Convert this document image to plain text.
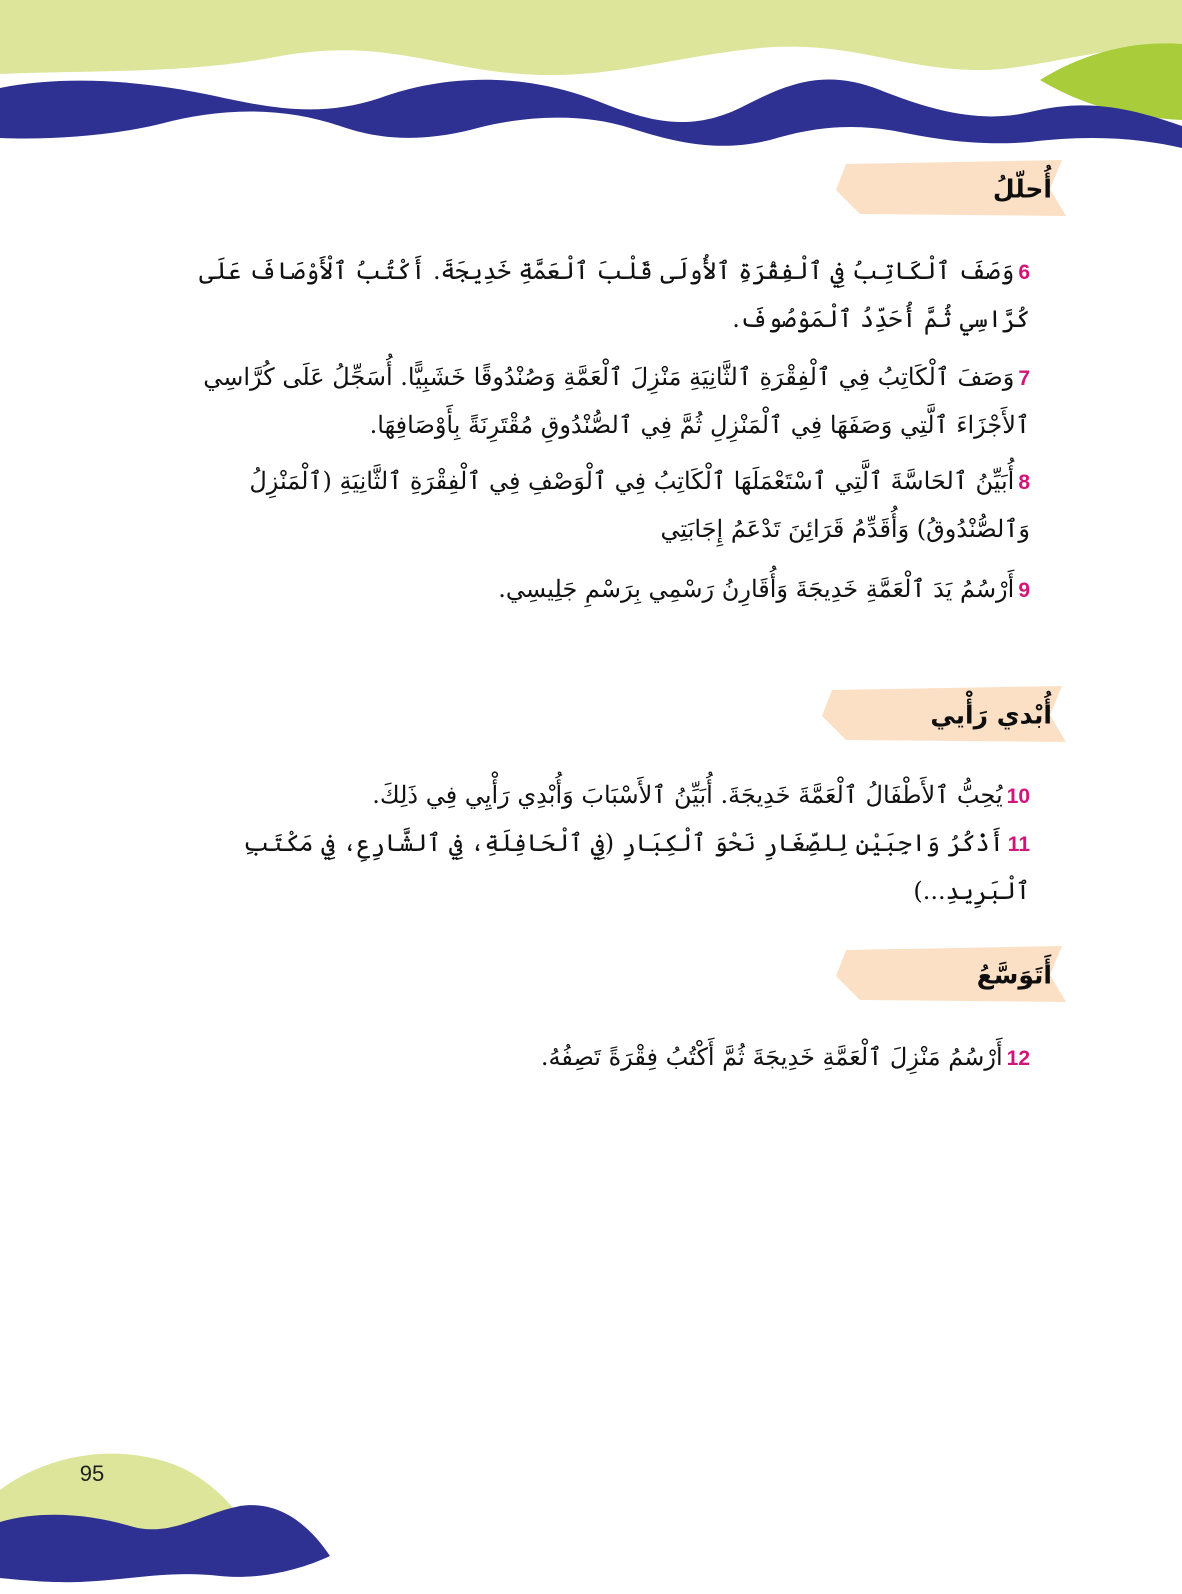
أُحلّلُ
6وَصَفَ ٱلْكَاتِبُ فِي ٱلْفِقْرَةِ ٱلأُولَى قَلْبَ ٱلْعَمَّةِ خَدِيجَةَ. أَكْتُبُ ٱلْأَوْصَافَ عَلَى كُرَّاسِي ثُمَّ أُحَدِّدُ ٱلْمَوْصُوفَ.
7وَصَفَ ٱلْكَاتِبُ فِي ٱلْفِقْرَةِ ٱلثَّانِيَةِ مَنْزِلَ ٱلْعَمَّةِ وَصُنْدُوقًا خَشَبِيًّا. أُسَجِّلُ عَلَى كُرَّاسِي ٱلأَجْزَاءَ ٱلَّتِي وَصَفَهَا فِي ٱلْمَنْزِلِ ثُمَّ فِي ٱلصُّنْدُوقِ مُقْتَرِنَةً بِأَوْصَافِهَا.
8أُبَيِّنُ ٱلحَاسَّةَ ٱلَّتِي ٱسْتَعْمَلَهَا ٱلْكَاتِبُ فِي ٱلْوَصْفِ فِي ٱلْفِقْرَةِ ٱلثَّانِيَةِ (ٱلْمَنْزِلُ وَٱلصُّنْدُوقُ) وَأُقَدِّمُ قَرَائِنَ تَدْعَمُ إِجَابَتِي
9أَرْسُمُ يَدَ ٱلْعَمَّةِ خَدِيجَةَ وَأُقَارِنُ رَسْمِي بِرَسْمِ جَلِيسِي.
أُبْدي رَأْيي
10يُحِبُّ ٱلأَطْفَالُ ٱلْعَمَّةَ خَدِيجَةَ. أُبَيِّنُ ٱلأَسْبَابَ وَأُبْدِي رَأْيِي فِي ذَلِكَ.
11أَذْكُرُ وَاجِبَيْنِ لِلصِّغَارِ نَحْوَ ٱلْكِبَارِ (فِي ٱلْحَافِلَةِ، فِي ٱلشَّارِعِ، فِي مَكْتَبِ ٱلْبَرِيدِ...)
أَتَوَسَّعُ
12أَرْسُمُ مَنْزِلَ ٱلْعَمَّةِ خَدِيجَةَ ثُمَّ أَكْتُبُ فِقْرَةً تَصِفُهُ.
95
